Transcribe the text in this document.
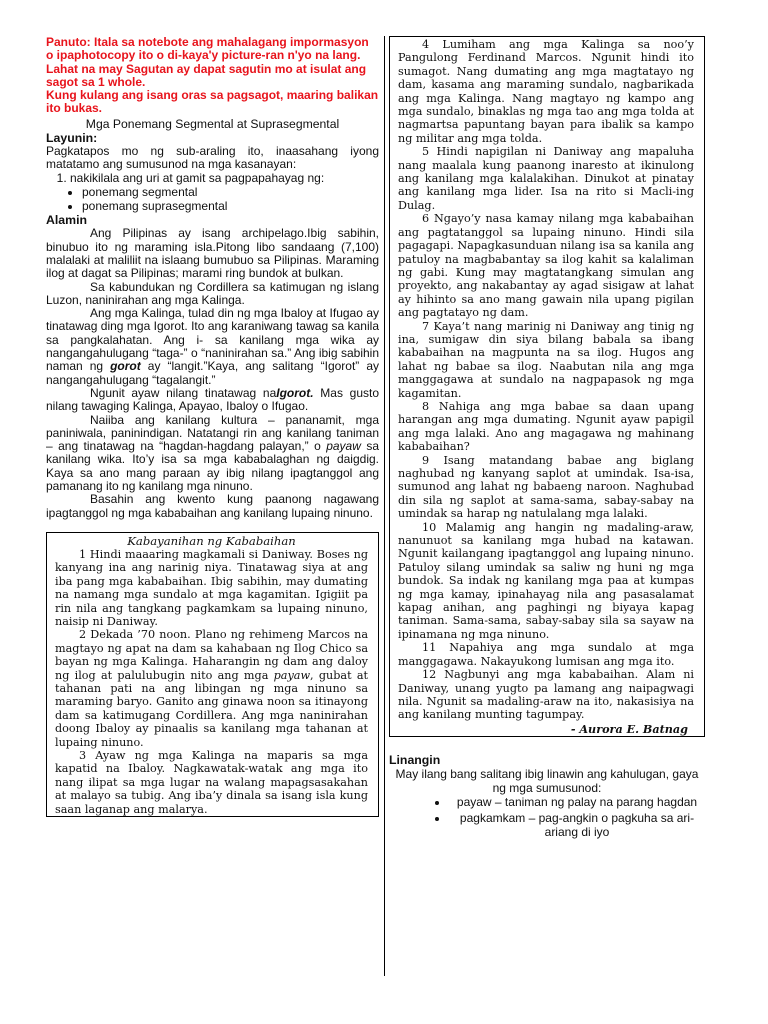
Panuto: Itala sa notebote ang mahalagang impormasyon o ipaphotocopy ito o di-kaya'y picture-ran n'yo na lang.

Lahat na may Sagutan ay dapat sagutin mo at isulat ang sagot sa 1 whole.

Kung kulang ang isang oras sa pagsagot, maaring balikan ito bukas.

Mga Ponemang Segmental at Suprasegmental

Layunin:

Pagkatapos mo ng sub-araling ito, inaasahang iyong matatamo ang sumusunod na mga kasanayan:

1. nakikilala ang uri at gamit sa pagpapahayag ng:
• ponemang segmental
• ponemang suprasegmental

Alamin

Ang Pilipinas ay isang archipelago.Ibig sabihin, binubuo ito ng maraming isla.Pitong libo sandaang (7,100) malalaki at maliliit na islaang bumubuo sa Pilipinas. Maraming ilog at dagat sa Pilipinas; marami ring bundok at bulkan.

Sa kabundukan ng Cordillera sa katimugan ng islang Luzon, naninirahan ang mga Kalinga.

Ang mga Kalinga, tulad din ng mga Ibaloy at Ifugao ay tinatawag ding mga Igorot. Ito ang karaniwang tawag sa kanila sa pangkalahatan. Ang i- sa kanilang mga wika ay nangangahulugang “taga-” o “naninirahan sa.” Ang ibig sabihin naman ng gorot ay “langit.”Kaya, ang salitang “Igorot” ay nangangahulugang “tagalangit.”

Ngunit ayaw nilang tinatawag naIgorot. Mas gusto nilang tawaging Kalinga, Apayao, Ibaloy o Ifugao.

Naiiba ang kanilang kultura – pananamit, mga paniniwala, paninindigan. Natatangi rin ang kanilang taniman – ang tinatawag na “hagdan-hagdang palayan,” o payaw sa kanilang wika. Ito’y isa sa mga kababalaghan ng daigdig. Kaya sa ano mang paraan ay ibig nilang ipagtanggol ang pamanang ito ng kanilang mga ninuno.

Basahin ang kwento kung paanong nagawang ipagtanggol ng mga kababaihan ang kanilang lupaing ninuno.

Kabayanihan ng Kababaihan

1 Hindi maaaring magkamali si Daniway. Boses ng kanyang ina ang narinig niya. Tinatawag siya at ang iba pang mga kababaihan. Ibig sabihin, may dumating na namang mga sundalo at mga kagamitan. Igigiit pa rin nila ang tangkang pagkamkam sa lupaing ninuno, naisip ni Daniway.

2 Dekada ’70 noon. Plano ng rehimeng Marcos na magtayo ng apat na dam sa kahabaan ng Ilog Chico sa bayan ng mga Kalinga. Haharangin ng dam ang daloy ng ilog at palulubugin nito ang mga payaw, gubat at tahanan pati na ang libingan ng mga ninuno sa maraming baryo. Ganito ang ginawa noon sa itinayong dam sa katimugang Cordillera. Ang mga naninirahan doong Ibaloy ay pinaalis sa kanilang mga tahanan at lupaing ninuno.

3 Ayaw ng mga Kalinga na maparis sa mga kapatid na Ibaloy. Nagkawatak-watak ang mga ito nang ilipat sa mga lugar na walang mapagsasakahan at malayo sa tubig. Ang iba’y dinala sa isang isla kung saan laganap ang malarya.

4 Lumiham ang mga Kalinga sa noo’y Pangulong Ferdinand Marcos. Ngunit hindi ito sumagot. Nang dumating ang mga magtatayo ng dam, kasama ang maraming sundalo, nagbarikada ang mga Kalinga. Nang magtayo ng kampo ang mga sundalo, binaklas ng mga tao ang mga tolda at nagmartsa papuntang bayan para ibalik sa kampo ng militar ang mga tolda.

5 Hindi napigilan ni Daniway ang mapaluha nang maalala kung paanong inaresto at ikinulong ang kanilang mga kalalakihan. Dinukot at pinatay ang kanilang mga lider. Isa na rito si Macli-ing Dulag.

6 Ngayo’y nasa kamay nilang mga kababaihan ang pagtatanggol sa lupaing ninuno. Hindi sila pagagapi. Napagkasunduan nilang isa sa kanila ang patuloy na magbabantay sa ilog kahit sa kalaliman ng gabi. Kung may magtatangkang simulan ang proyekto, ang nakabantay ay agad sisigaw at lahat ay hihinto sa ano mang gawain nila upang pigilan ang pagtatayo ng dam.

7 Kaya’t nang marinig ni Daniway ang tinig ng ina, sumigaw din siya bilang babala sa ibang kababaihan na magpunta na sa ilog. Hugos ang lahat ng babae sa ilog. Naabutan nila ang mga manggagawa at sundalo na nagpapasok ng mga kagamitan.

8 Nahiga ang mga babae sa daan upang harangan ang mga dumating. Ngunit ayaw papigil ang mga lalaki. Ano ang magagawa ng mahinang kababaihan?

9 Isang matandang babae ang biglang naghubad ng kanyang saplot at umindak. Isa-isa, sumunod ang lahat ng babaeng naroon. Naghubad din sila ng saplot at sama-sama, sabay-sabay na umindak sa harap ng natulalang mga lalaki.

10 Malamig ang hangin ng madaling-araw, nanunuot sa kanilang mga hubad na katawan. Ngunit kailangang ipagtanggol ang lupaing ninuno. Patuloy silang umindak sa saliw ng huni ng mga bundok. Sa indak ng kanilang mga paa at kumpas ng mga kamay, ipinahayag nila ang pasasalamat kapag anihan, ang paghingi ng biyaya kapag taniman. Sama-sama, sabay-sabay sila sa sayaw na ipinamana ng mga ninuno.

11 Napahiya ang mga sundalo at mga manggagawa. Nakayukong lumisan ang mga ito.

12 Nagbunyi ang mga kababaihan. Alam ni Daniway, unang yugto pa lamang ang naipagwagi nila. Ngunit sa madaling-araw na ito, nakasisiya na ang kanilang munting tagumpay.

- Aurora E. Batnag

Linangin

May ilang bang salitang ibig linawin ang kahulugan, gaya ng mga sumusunod:

• payaw – taniman ng palay na parang hagdan
• pagkamkam – pag-angkin o pagkuha sa ari-ariang di iyo
